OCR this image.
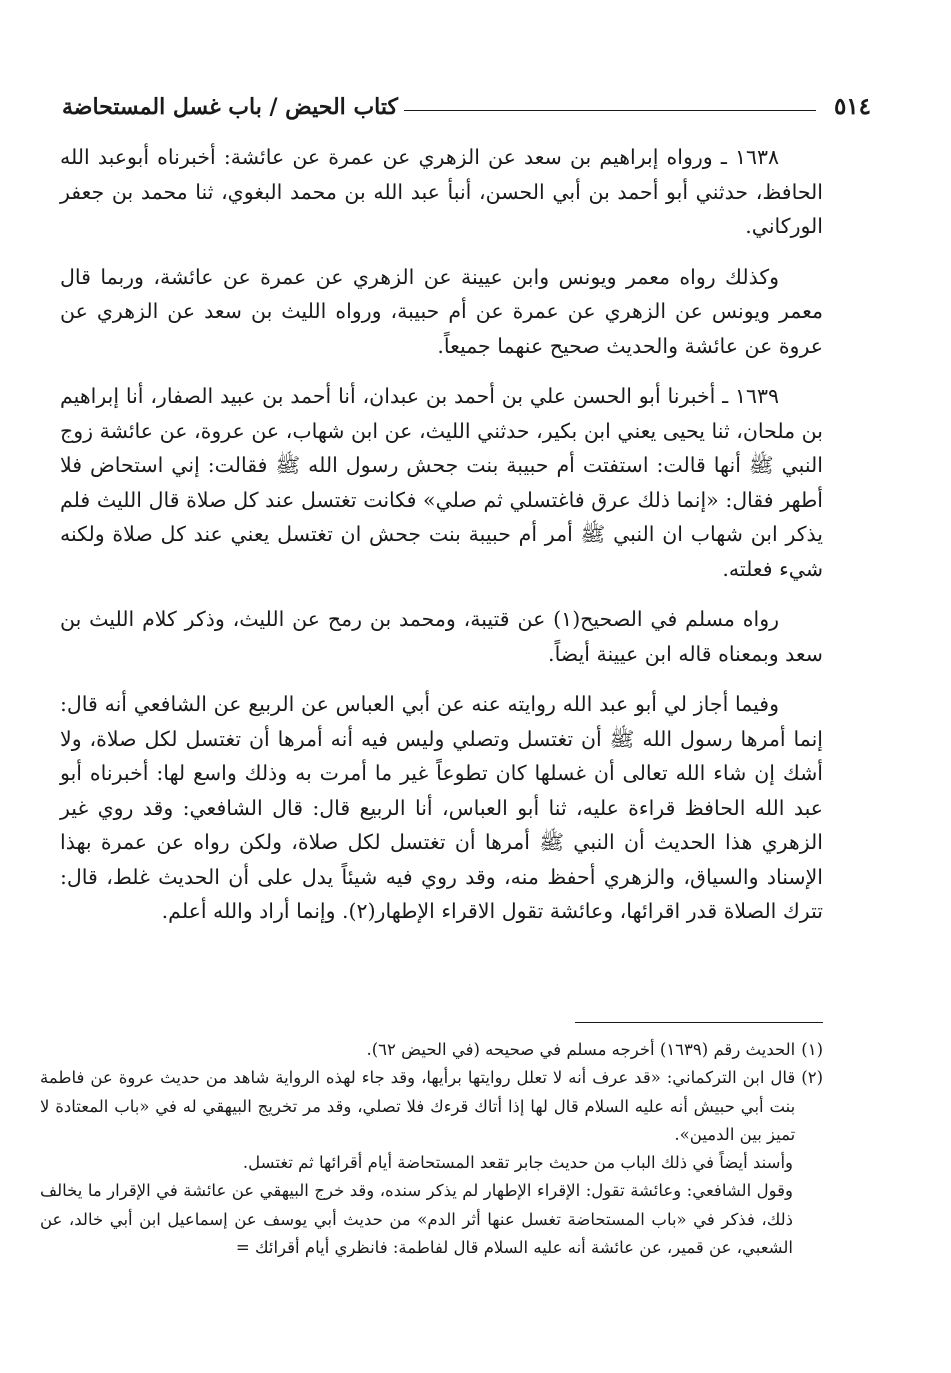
٥١٤
كتاب الحيض / باب غسل المستحاضة

١٦٣٨ ـ ورواه إبراهيم بن سعد عن الزهري عن عمرة عن عائشة: أخبرناه أبوعبد الله الحافظ، حدثني أبو أحمد بن أبي الحسن، أنبأ عبد الله بن محمد البغوي، ثنا محمد بن جعفر الوركاني.

وكذلك رواه معمر ويونس وابن عيينة عن الزهري عن عمرة عن عائشة، وربما قال معمر ويونس عن الزهري عن عمرة عن أم حبيبة، ورواه الليث بن سعد عن الزهري عن عروة عن عائشة والحديث صحيح عنهما جميعاً.

١٦٣٩ ـ أخبرنا أبو الحسن علي بن أحمد بن عبدان، أنا أحمد بن عبيد الصفار، أنا إبراهيم بن ملحان، ثنا يحيى يعني ابن بكير، حدثني الليث، عن ابن شهاب، عن عروة، عن عائشة زوج النبي ﷺ أنها قالت: استفتت أم حبيبة بنت جحش رسول الله ﷺ فقالت: إني استحاض فلا أطهر فقال: «إنما ذلك عرق فاغتسلي ثم صلي» فكانت تغتسل عند كل صلاة قال الليث فلم يذكر ابن شهاب ان النبي ﷺ أمر أم حبيبة بنت جحش ان تغتسل يعني عند كل صلاة ولكنه شيء فعلته.

رواه مسلم في الصحيح(١) عن قتيبة، ومحمد بن رمح عن الليث، وذكر كلام الليث بن سعد وبمعناه قاله ابن عيينة أيضاً.

وفيما أجاز لي أبو عبد الله روايته عنه عن أبي العباس عن الربيع عن الشافعي أنه قال: إنما أمرها رسول الله ﷺ أن تغتسل وتصلي وليس فيه أنه أمرها أن تغتسل لكل صلاة، ولا أشك إن شاء الله تعالى أن غسلها كان تطوعاً غير ما أمرت به وذلك واسع لها: أخبرناه أبو عبد الله الحافظ قراءة عليه، ثنا أبو العباس، أنا الربيع قال: قال الشافعي: وقد روي غير الزهري هذا الحديث أن النبي ﷺ أمرها أن تغتسل لكل صلاة، ولكن رواه عن عمرة بهذا الإسناد والسياق، والزهري أحفظ منه، وقد روي فيه شيئاً يدل على أن الحديث غلط، قال: تترك الصلاة قدر اقرائها، وعائشة تقول الاقراء الإطهار(٢). وإنما أراد والله أعلم.

(١)
الحديث رقم (١٦٣٩) أخرجه مسلم في صحيحه (في الحيض ٦٢).
(٢)
قال ابن التركماني: «قد عرف أنه لا تعلل روايتها برأيها، وقد جاء لهذه الرواية شاهد من حديث عروة عن فاطمة بنت أبي حبيش أنه عليه السلام قال لها إذا أتاك قرءك فلا تصلي، وقد مر تخريج البيهقي له في «باب المعتادة لا تميز بين الدمين».
وأسند أيضاً في ذلك الباب من حديث جابر تقعد المستحاضة أيام أقرائها ثم تغتسل.
وقول الشافعي: وعائشة تقول: الإقراء الإطهار لم يذكر سنده، وقد خرج البيهقي عن عائشة في الإقرار ما يخالف ذلك، فذكر في «باب المستحاضة تغسل عنها أثر الدم» من حديث أبي يوسف عن إسماعيل ابن أبي خالد، عن الشعبي، عن قمير، عن عائشة أنه عليه السلام قال لفاطمة: فانظري أيام أقرائك =
